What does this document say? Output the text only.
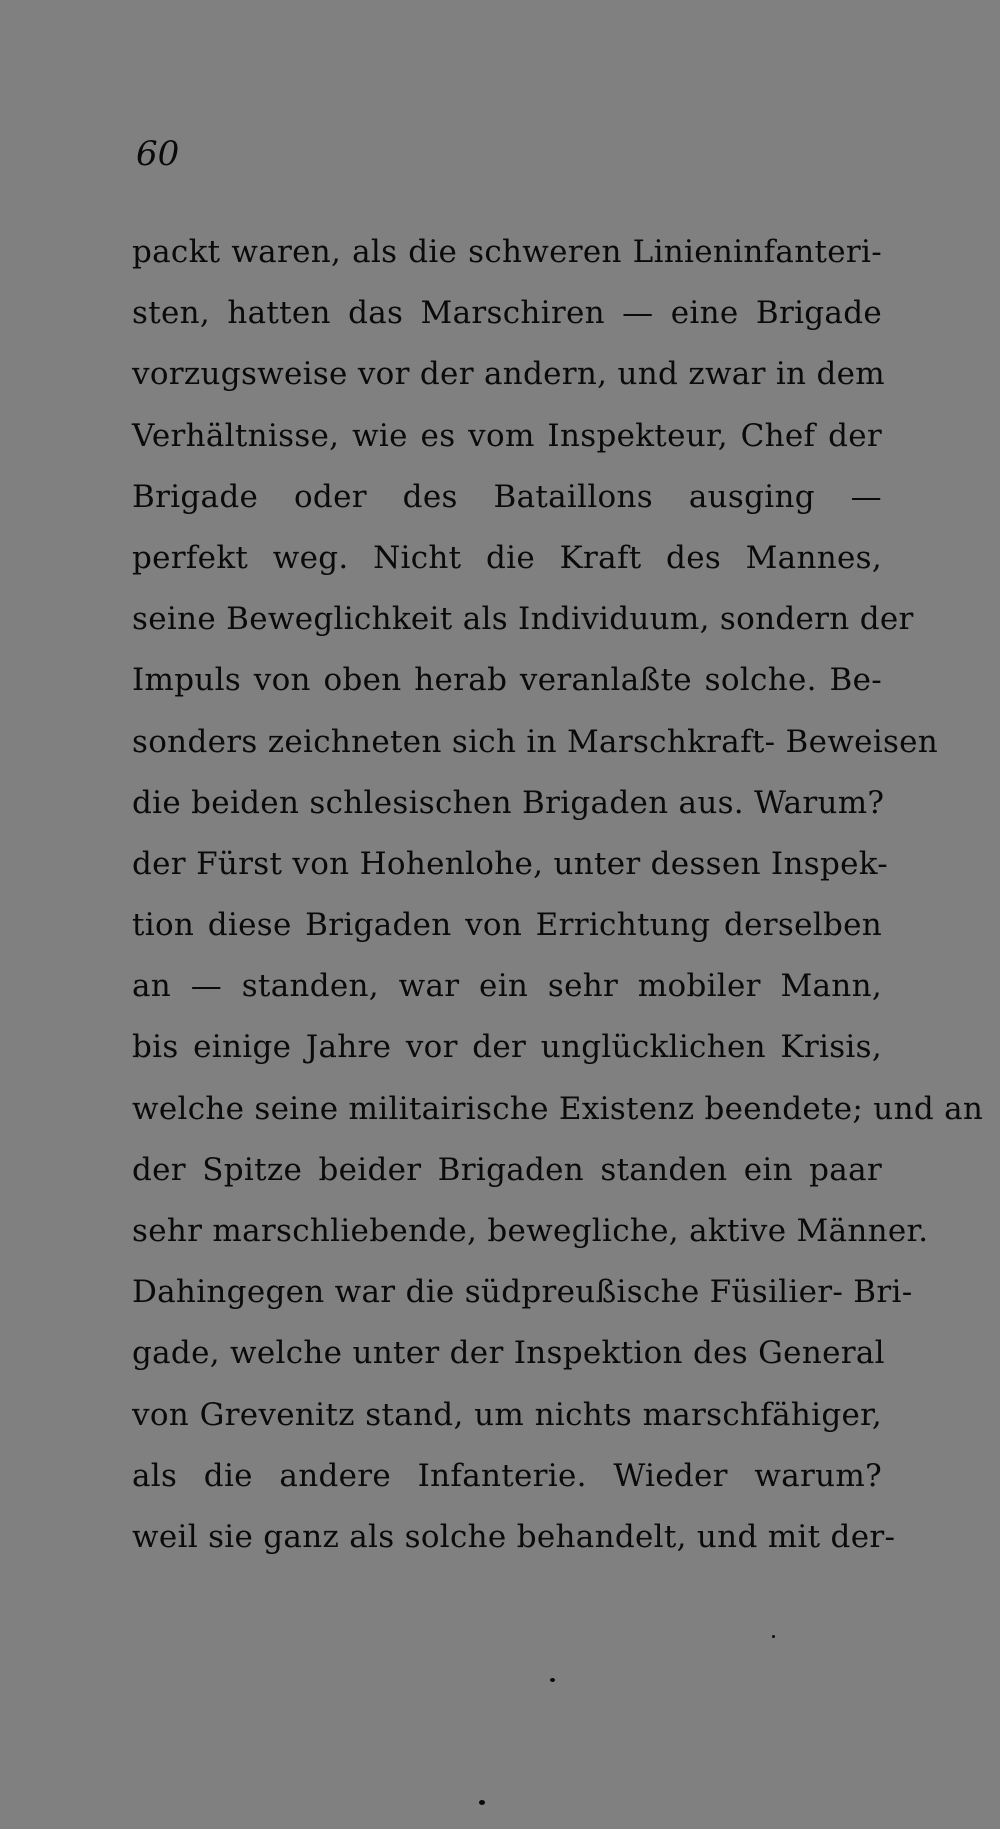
60
packt waren, als die schweren Linieninfanteri-
sten, hatten das Marschiren — eine Brigade
vorzugsweise vor der andern, und zwar in dem
Verhältnisse, wie es vom Inspekteur, Chef der
Brigade oder des Bataillons ausging —
perfekt weg. Nicht die Kraft des Mannes,
seine Beweglichkeit als Individuum, sondern der
Impuls von oben herab veranlaßte solche. Be-
sonders zeichneten sich in Marschkraft- Beweisen
die beiden schlesischen Brigaden aus. Warum?
der Fürst von Hohenlohe, unter dessen Inspek-
tion diese Brigaden von Errichtung derselben
an — standen, war ein sehr mobiler Mann,
bis einige Jahre vor der unglücklichen Krisis,
welche seine militairische Existenz beendete; und an
der Spitze beider Brigaden standen ein paar
sehr marschliebende, bewegliche, aktive Männer.
Dahingegen war die südpreußische Füsilier- Bri-
gade, welche unter der Inspektion des General
von Grevenitz stand, um nichts marschfähiger,
als die andere Infanterie. Wieder warum?
weil sie ganz als solche behandelt, und mit der-
